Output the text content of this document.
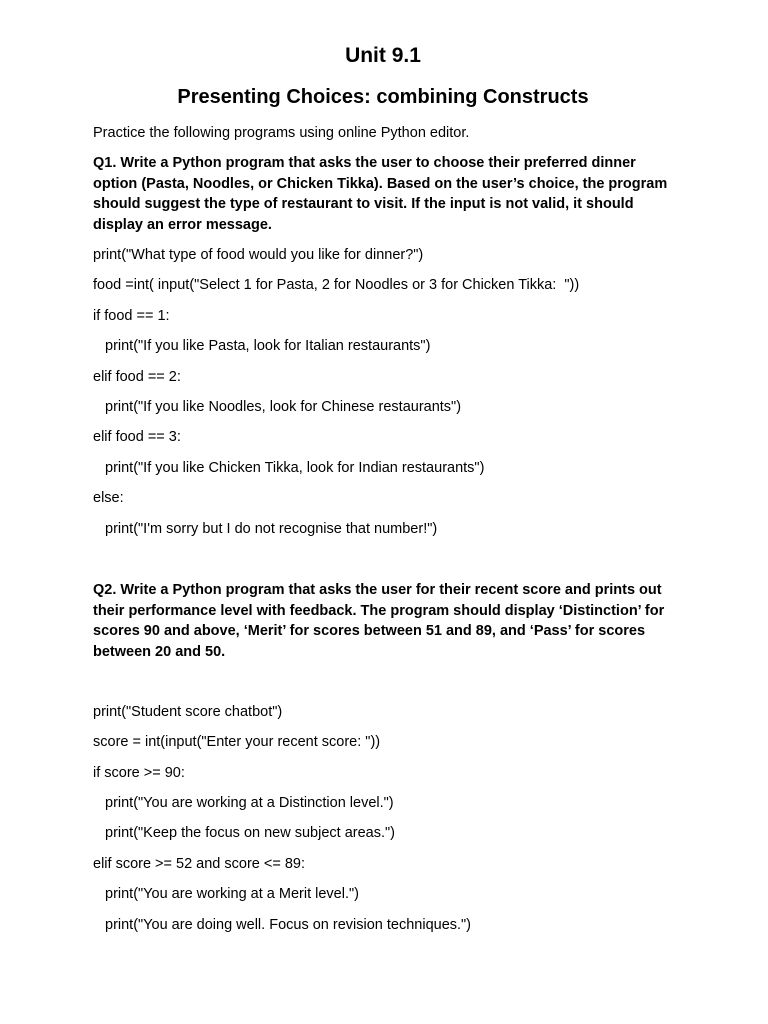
Unit 9.1
Presenting Choices: combining Constructs
Practice the following programs using online Python editor.
Q1. Write a Python program that asks the user to choose their preferred dinner option (Pasta, Noodles, or Chicken Tikka). Based on the user’s choice, the program should suggest the type of restaurant to visit. If the input is not valid, it should display an error message.
print("What type of food would you like for dinner?")
food =int( input("Select 1 for Pasta, 2 for Noodles or 3 for Chicken Tikka:  "))
if food == 1:
print("If you like Pasta, look for Italian restaurants")
elif food == 2:
print("If you like Noodles, look for Chinese restaurants")
elif food == 3:
print("If you like Chicken Tikka, look for Indian restaurants")
else:
print("I'm sorry but I do not recognise that number!")
Q2. Write a Python program that asks the user for their recent score and prints out their performance level with feedback. The program should display ‘Distinction’ for scores 90 and above, ‘Merit’ for scores between 51 and 89, and ‘Pass’ for scores between 20 and 50.
print("Student score chatbot")
score = int(input("Enter your recent score: "))
if score >= 90:
print("You are working at a Distinction level.")
print("Keep the focus on new subject areas.")
elif score >= 52 and score <= 89:
print("You are working at a Merit level.")
print("You are doing well. Focus on revision techniques.")
